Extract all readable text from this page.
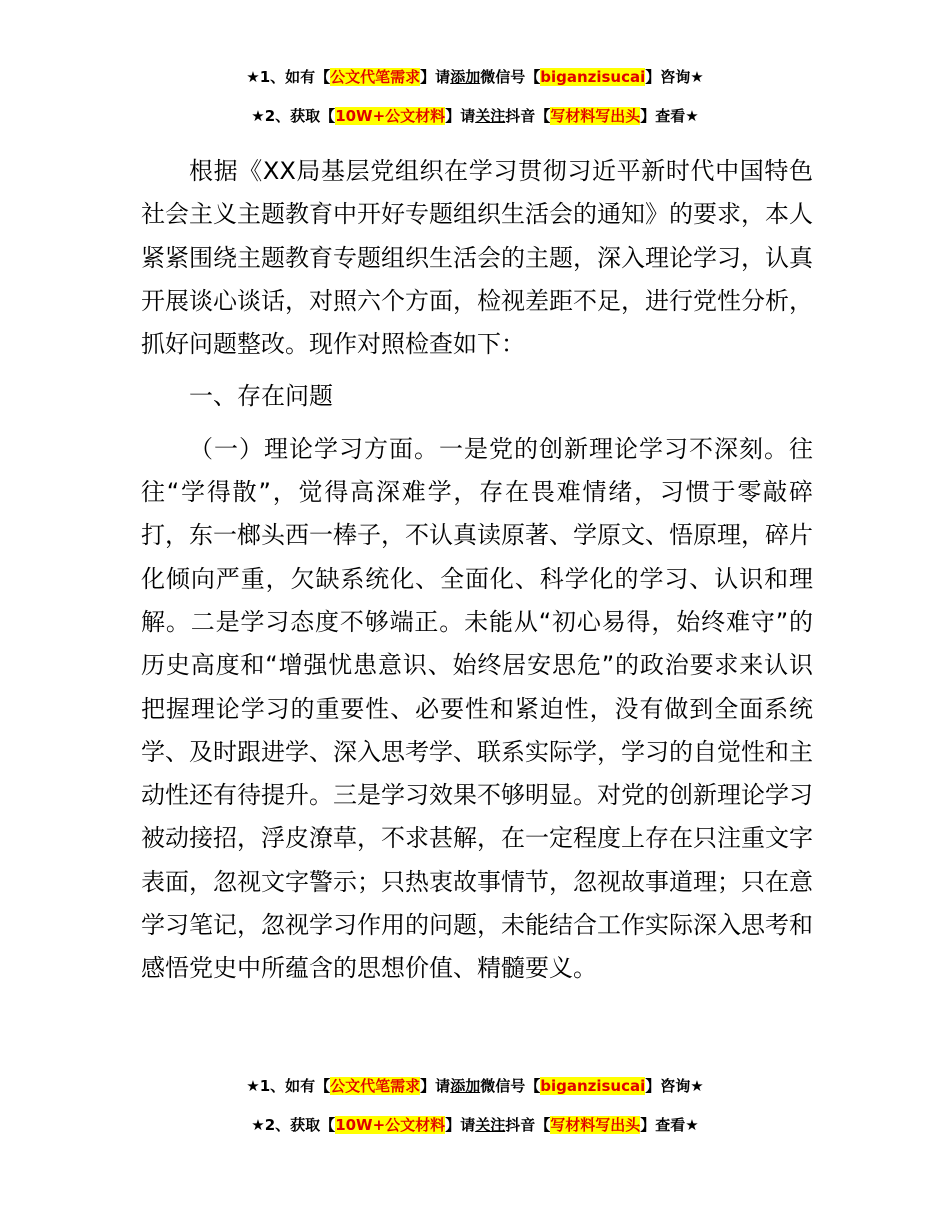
★1、如有【公文代笔需求】请添加微信号【biganzisucai】咨询★
★2、获取【10W+公文材料】请关注抖音【写材料写出头】查看★

根据《XX局基层党组织在学习贯彻习近平新时代中国特色社会主义主题教育中开好专题组织生活会的通知》的要求，本人紧紧围绕主题教育专题组织生活会的主题，深入理论学习，认真开展谈心谈话，对照六个方面，检视差距不足，进行党性分析，抓好问题整改。现作对照检查如下：

一、存在问题

（一）理论学习方面。一是党的创新理论学习不深刻。往往“学得散”，觉得高深难学，存在畏难情绪，习惯于零敲碎打，东一榔头西一棒子，不认真读原著、学原文、悟原理，碎片化倾向严重，欠缺系统化、全面化、科学化的学习、认识和理解。二是学习态度不够端正。未能从“初心易得，始终难守”的历史高度和“增强忧患意识、始终居安思危”的政治要求来认识把握理论学习的重要性、必要性和紧迫性，没有做到全面系统学、及时跟进学、深入思考学、联系实际学，学习的自觉性和主动性还有待提升。三是学习效果不够明显。对党的创新理论学习被动接招，浮皮潦草，不求甚解，在一定程度上存在只注重文字表面，忽视文字警示；只热衷故事情节，忽视故事道理；只在意学习笔记，忽视学习作用的问题，未能结合工作实际深入思考和感悟党史中所蕴含的思想价值、精髓要义。

★1、如有【公文代笔需求】请添加微信号【biganzisucai】咨询★
★2、获取【10W+公文材料】请关注抖音【写材料写出头】查看★
